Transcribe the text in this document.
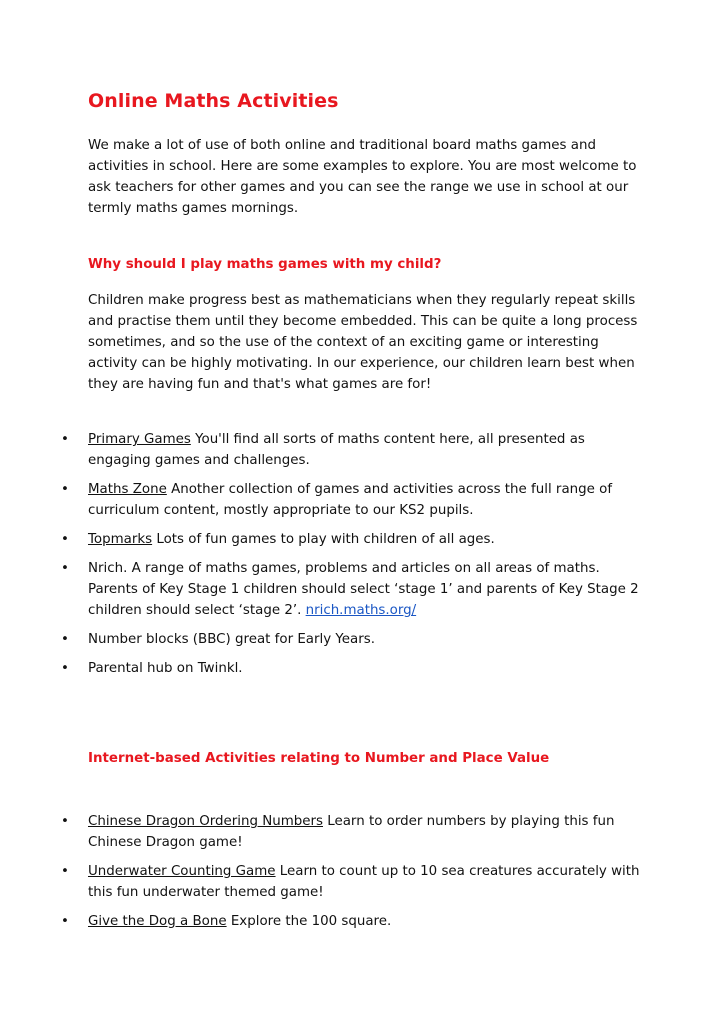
Online Maths Activities

We make a lot of use of both online and traditional board maths games and activities in school. Here are some examples to explore. You are most welcome to ask teachers for other games and you can see the range we use in school at our termly maths games mornings.

Why should I play maths games with my child?

Children make progress best as mathematicians when they regularly repeat skills and practise them until they become embedded. This can be quite a long process sometimes, and so the use of the context of an exciting game or interesting activity can be highly motivating. In our experience, our children learn best when they are having fun and that's what games are for!

• Primary Games You'll find all sorts of maths content here, all presented as engaging games and challenges.
• Maths Zone Another collection of games and activities across the full range of curriculum content, mostly appropriate to our KS2 pupils.
• Topmarks Lots of fun games to play with children of all ages.
• Nrich. A range of maths games, problems and articles on all areas of maths. Parents of Key Stage 1 children should select ‘stage 1’ and parents of Key Stage 2 children should select ‘stage 2’. nrich.maths.org/
• Number blocks (BBC) great for Early Years.
• Parental hub on Twinkl.
Internet-based Activities relating to Number and Place Value
• Chinese Dragon Ordering Numbers Learn to order numbers by playing this fun Chinese Dragon game!
• Underwater Counting Game Learn to count up to 10 sea creatures accurately with this fun underwater themed game!
• Give the Dog a Bone Explore the 100 square.
